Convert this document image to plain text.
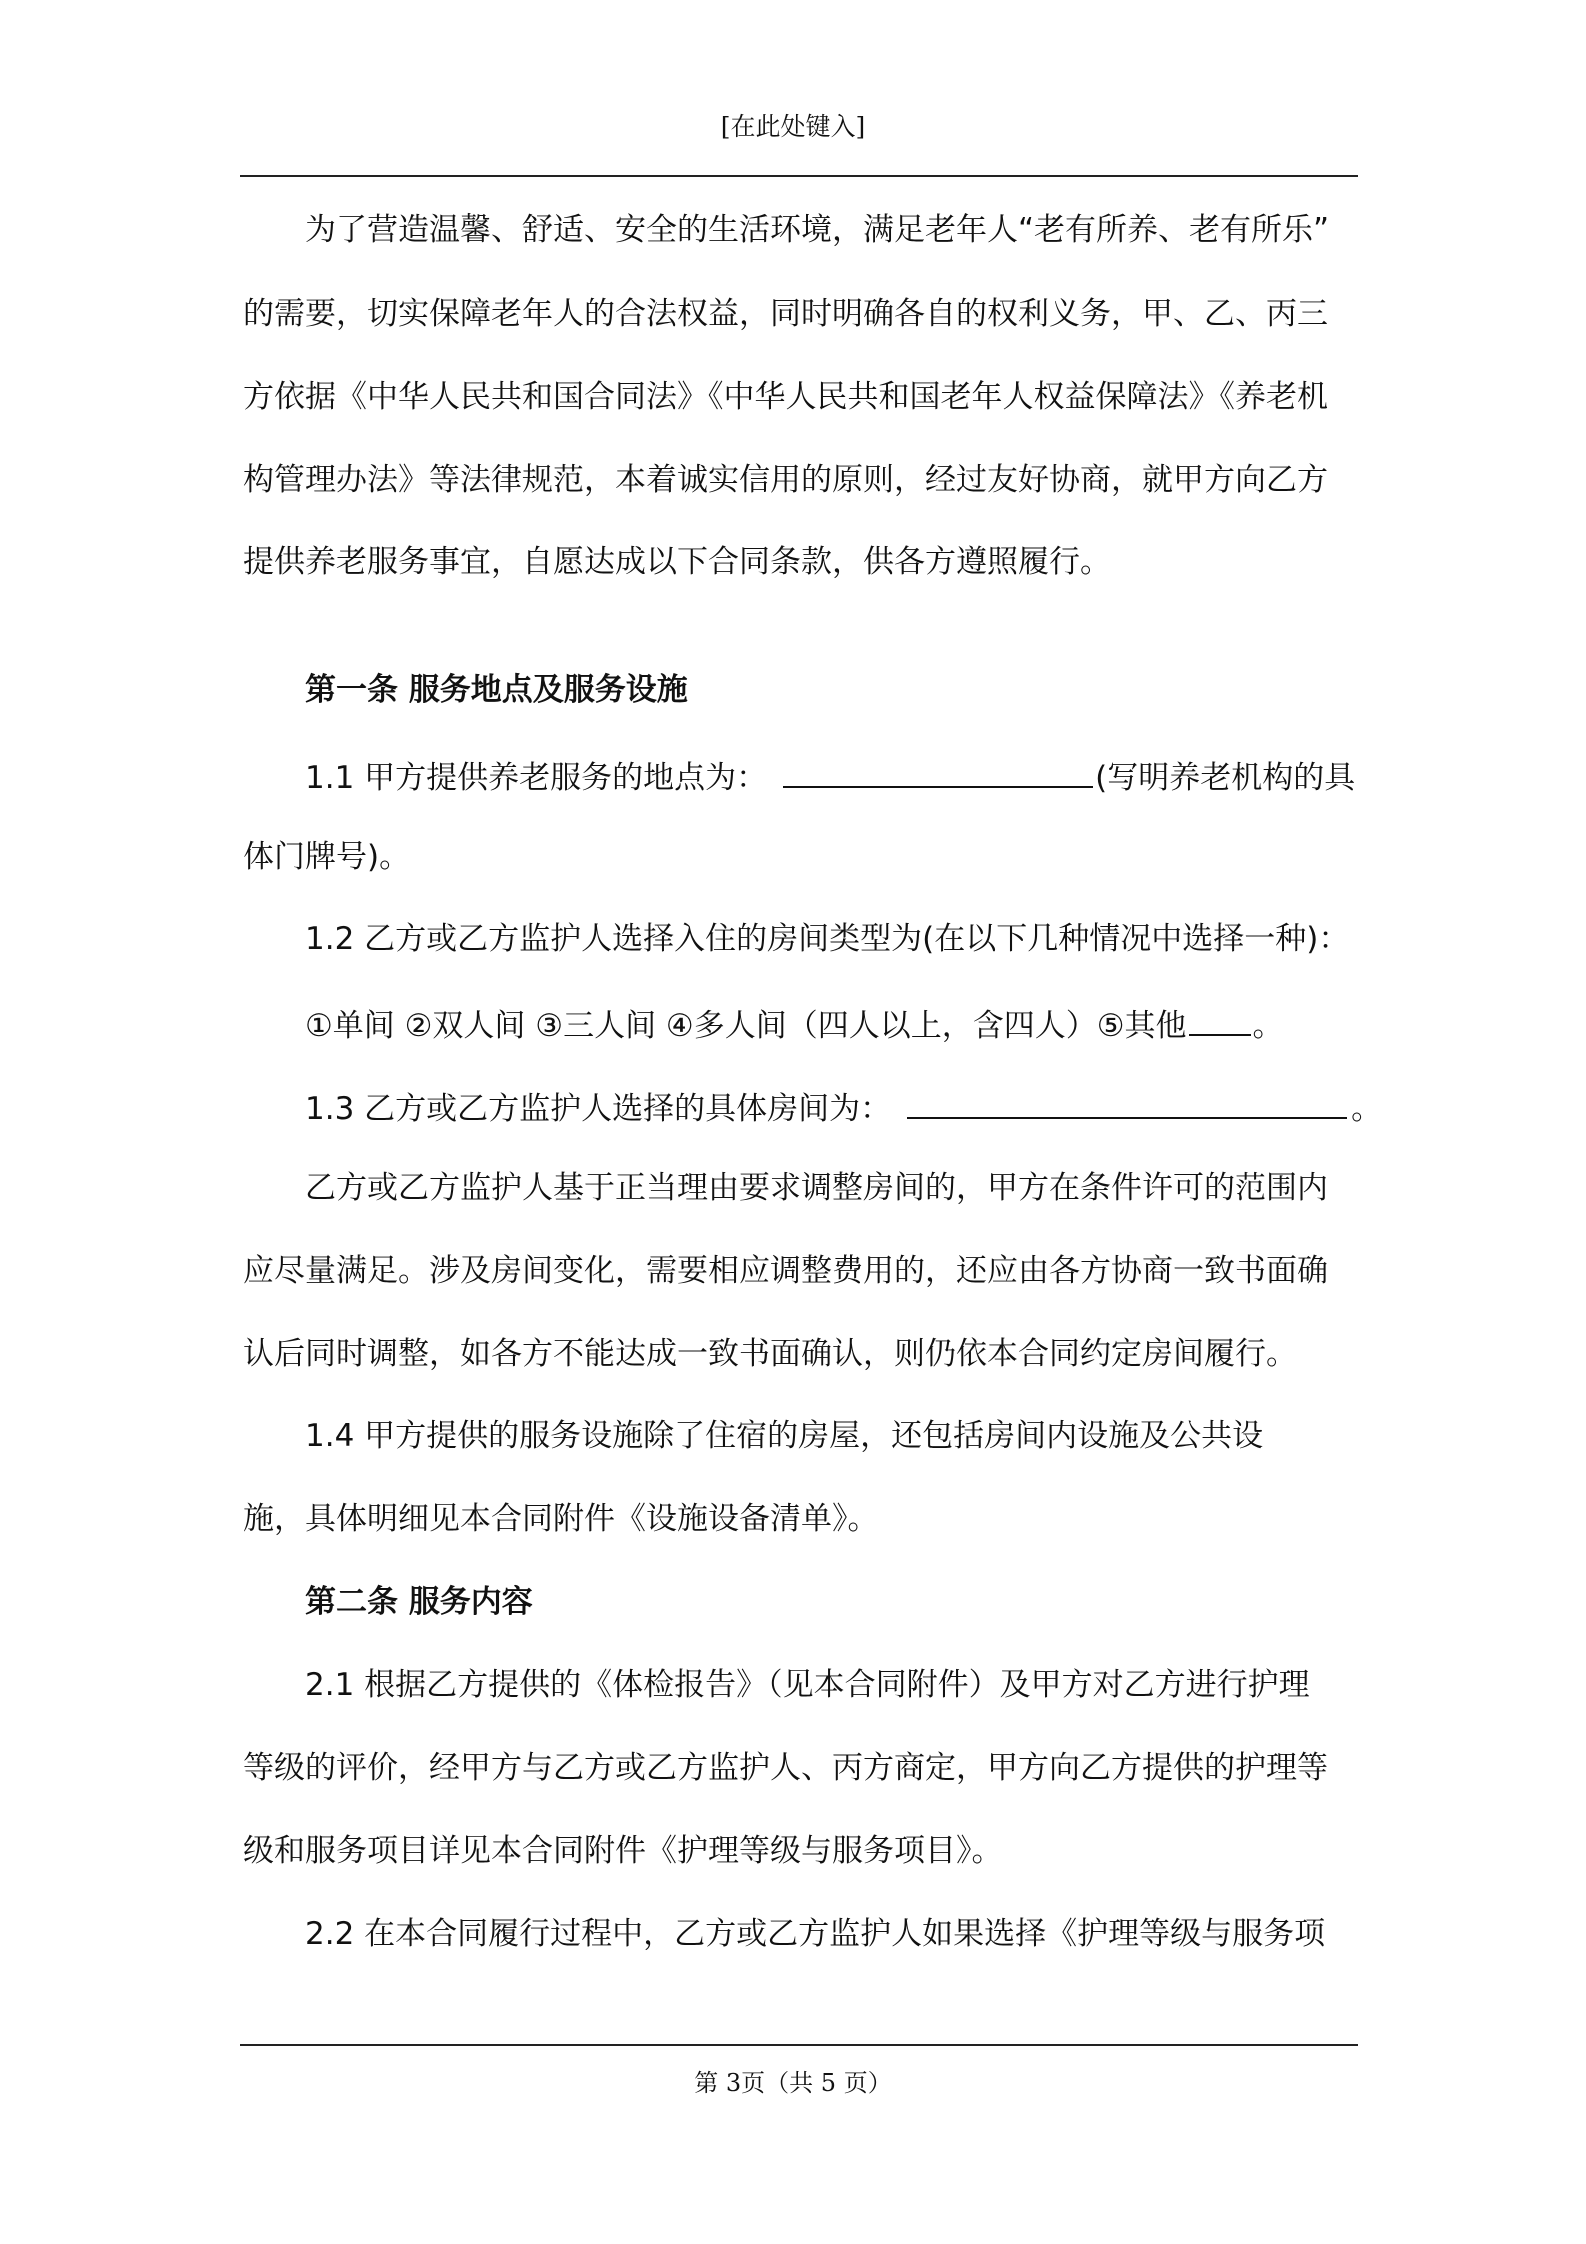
[在此处键入]
为了营造温馨、舒适、安全的生活环境，满足老年人“老有所养、老有所乐”
的需要，切实保障老年人的合法权益，同时明确各自的权利义务，甲、乙、丙三
方依据《中华人民共和国合同法》《中华人民共和国老年人权益保障法》《养老机
构管理办法》等法律规范，本着诚实信用的原则，经过友好协商，就甲方向乙方
提供养老服务事宜，自愿达成以下合同条款，供各方遵照履行。
第一条 服务地点及服务设施
1.1 甲方提供养老服务的地点为：	(写明养老机构的具
体门牌号)。
1.2 乙方或乙方监护人选择入住的房间类型为(在以下几种情况中选择一种)：
①单间 ②双人间 ③三人间 ④多人间（四人以上，含四人）⑤其他 。
1.3 乙方或乙方监护人选择的具体房间为：	。
乙方或乙方监护人基于正当理由要求调整房间的，甲方在条件许可的范围内
应尽量满足。涉及房间变化，需要相应调整费用的，还应由各方协商一致书面确
认后同时调整，如各方不能达成一致书面确认，则仍依本合同约定房间履行。
1.4 甲方提供的服务设施除了住宿的房屋，还包括房间内设施及公共设
施，具体明细见本合同附件《设施设备清单》。
第二条 服务内容
2.1 根据乙方提供的《体检报告》（见本合同附件）及甲方对乙方进行护理
等级的评价，经甲方与乙方或乙方监护人、丙方商定，甲方向乙方提供的护理等
级和服务项目详见本合同附件《护理等级与服务项目》。
2.2 在本合同履行过程中，乙方或乙方监护人如果选择《护理等级与服务项
第 3页（共 5 页）
